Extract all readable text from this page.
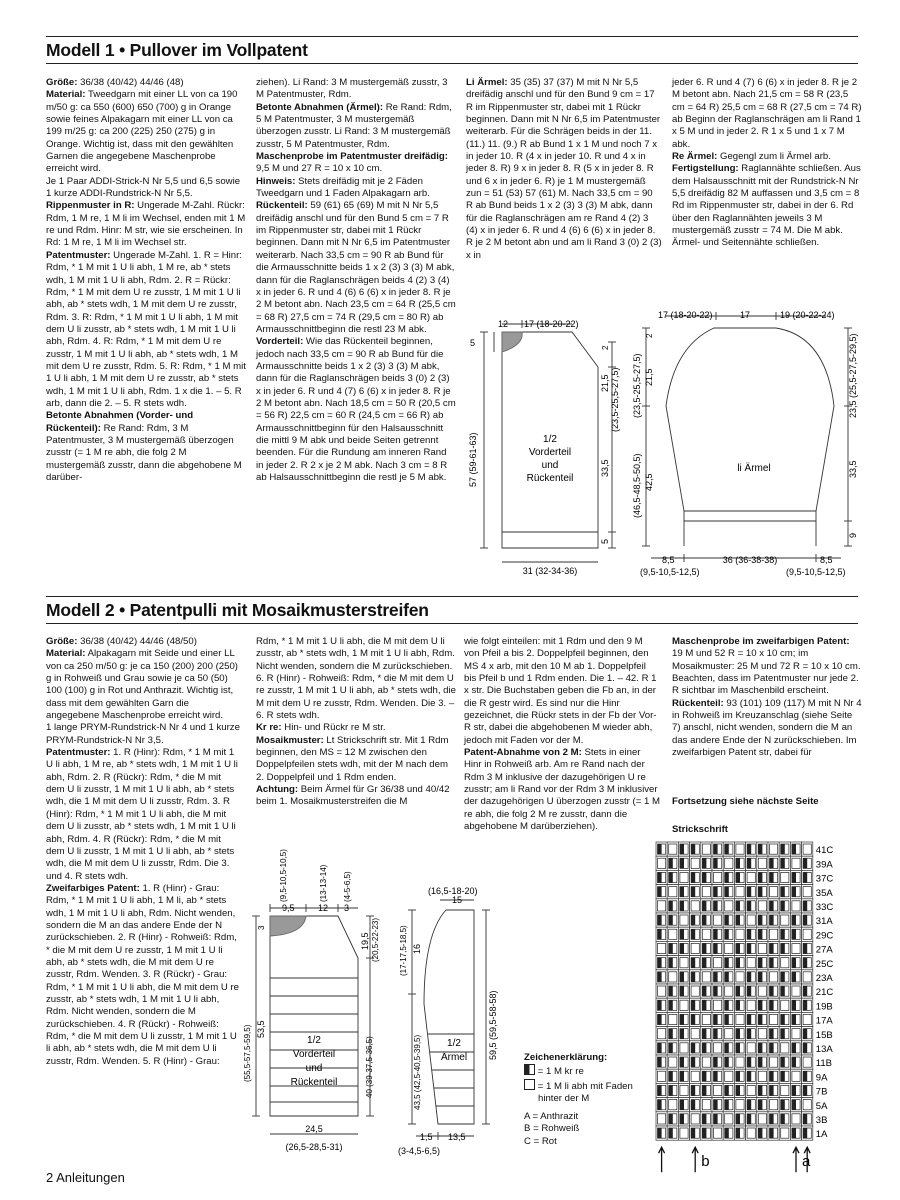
Modell 1 • Pullover im Vollpatent

Größe: 36/38 (40/42) 44/46 (48)

Material: Tweedgarn mit einer LL von ca 190 m/50 g: ca 550 (600) 650 (700) g in Orange sowie feines Alpakagarn mit einer LL von ca 199 m/25 g: ca 200 (225) 250 (275) g in Orange. Wichtig ist, dass mit den gewählten Garnen die angegebene Maschenprobe erreicht wird.

Je 1 Paar ADDI-Strick-N Nr 5,5 und 6,5 sowie 1 kurze ADDI-Rundstrick-N Nr 5,5.

Rippenmuster in R: Ungerade M-Zahl. Rückr: Rdm, 1 M re, 1 M li im Wechsel, enden mit 1 M re und Rdm. Hinr: M str, wie sie erscheinen. In Rd: 1 M re, 1 M li im Wechsel str.

Patentmuster: Ungerade M-Zahl. 1. R = Hinr: Rdm, * 1 M mit 1 U li abh, 1 M re, ab * stets wdh, 1 M mit 1 U li abh, Rdm. 2. R = Rückr: Rdm, * 1 M mit dem U re zusstr, 1 M mit 1 U li abh, ab * stets wdh, 1 M mit dem U re zusstr, Rdm. 3. R: Rdm, * 1 M mit 1 U li abh, 1 M mit dem U li zusstr, ab * stets wdh, 1 M mit 1 U li abh, Rdm. 4. R: Rdm, * 1 M mit dem U re zusstr, 1 M mit 1 U li abh, ab * stets wdh, 1 M mit dem U re zusstr, Rdm. 5. R: Rdm, * 1 M mit 1 U li abh, 1 M mit dem U re zusstr, ab * stets wdh, 1 M mit 1 U li abh, Rdm. 1 x die 1. – 5. R arb, dann die 2. – 5. R stets wdh.

Betonte Abnahmen (Vorder- und Rückenteil): Re Rand: Rdm, 3 M Patentmuster, 3 M mustergemäß überzogen zusstr (= 1 M re abh, die folg 2 M mustergemäß zusstr, dann die abgehobene M darüber-

ziehen). Li Rand: 3 M mustergemäß zusstr, 3 M Patentmuster, Rdm.

Betonte Abnahmen (Ärmel): Re Rand: Rdm, 5 M Patentmuster, 3 M mustergemäß überzogen zusstr. Li Rand: 3 M mustergemäß zusstr, 5 M Patentmuster, Rdm.

Maschenprobe im Patentmuster dreifädig: 9,5 M und 27 R = 10 x 10 cm.

Hinweis: Stets dreifädig mit je 2 Fäden Tweedgarn und 1 Faden Alpakagarn arb.

Rückenteil: 59 (61) 65 (69) M mit N Nr 5,5 dreifädig anschl und für den Bund 5 cm = 7 R im Rippenmuster str, dabei mit 1 Rückr beginnen. Dann mit N Nr 6,5 im Patentmuster weiterarb. Nach 33,5 cm = 90 R ab Bund für die Armausschnitte beids 1 x 2 (3) 3 (3) M abk, dann für die Raglanschrägen beids 4 (2) 3 (4) x in jeder 6. R und 4 (6) 6 (6) x in jeder 8. R je 2 M betont abn. Nach 23,5 cm = 64 R (25,5 cm = 68 R) 27,5 cm = 74 R (29,5 cm = 80 R) ab Armausschnittbeginn die restl 23 M abk.

Vorderteil: Wie das Rückenteil beginnen, jedoch nach 33,5 cm = 90 R ab Bund für die Armausschnitte beids 1 x 2 (3) 3 (3) M abk, dann für die Raglanschrägen beids 3 (0) 2 (3) x in jeder 6. R und 4 (7) 6 (6) x in jeder 8. R je 2 M betont abn. Nach 18,5 cm = 50 R (20,5 cm = 56 R) 22,5 cm = 60 R (24,5 cm = 66 R) ab Armausschnittbeginn für den Halsausschnitt die mittl 9 M abk und beide Seiten getrennt beenden. Für die Rundung am inneren Rand in jeder 2. R 2 x je 2 M abk. Nach 3 cm = 8 R ab Halsausschnittbeginn die restl je 5 M abk.

Li Ärmel: 35 (35) 37 (37) M mit N Nr 5,5 dreifädig anschl und für den Bund 9 cm = 17 R im Rippenmuster str, dabei mit 1 Rückr beginnen. Dann mit N Nr 6,5 im Patentmuster weiterarb. Für die Schrägen beids in der 11. (11.) 11. (9.) R ab Bund 1 x 1 M und noch 7 x in jeder 10. R (4 x in jeder 10. R und 4 x in jeder 8. R) 9 x in jeder 8. R (5 x in jeder 8. R und 6 x in jeder 6. R) je 1 M mustergemäß zun = 51 (53) 57 (61) M. Nach 33,5 cm = 90 R ab Bund beids 1 x 2 (3) 3 (3) M abk, dann für die Raglanschrägen am re Rand 4 (2) 3 (4) x in jeder 6. R und 4 (6) 6 (6) x in jeder 8. R je 2 M betont abn und am li Rand 3 (0) 2 (3) x in

jeder 6. R und 4 (7) 6 (6) x in jeder 8. R je 2 M betont abn. Nach 21,5 cm = 58 R (23,5 cm = 64 R) 25,5 cm = 68 R (27,5 cm = 74 R) ab Beginn der Raglanschrägen am li Rand 1 x 5 M und in jeder 2. R 1 x 5 und 1 x 7 M abk.

Re Ärmel: Gegengl zum li Ärmel arb.

Fertigstellung: Raglannähte schließen. Aus dem Halsausschnitt mit der Rundstrick-N Nr 5,5 dreifädig 82 M auffassen und 3,5 cm = 8 Rd im Rippenmuster str, dabei in der 6. Rd über den Raglannähten jeweils 3 M mustergemäß zusstr = 74 M. Die M abk. Ärmel- und Seitennähte schließen.

12 17 (18-20-22)
5
57 (59-61-63)
2
21,5 (23,5-25,5-27,5)
33,5
5
1/2
Vorderteil
und
Rückenteil
31 (32-34-36)
17 (18-20-22)	17	19 (20-22-24)
2
21,5
(23,5-25,5-27,5)
42,5
(46,5-48,5-50,5)
23,5 (25,5-27,5-29,5)
33,5
9
li Ärmel
8,5
(9,5-10,5-12,5)
36 (36-38-38)	8,5
(9,5-10,5-12,5)
Modell 2 • Patentpulli mit Mosaikmusterstreifen

Größe: 36/38 (40/42) 44/46 (48/50)

Material: Alpakagarn mit Seide und einer LL von ca 250 m/50 g: je ca 150 (200) 200 (250) g in Rohweiß und Grau sowie je ca 50 (50) 100 (100) g in Rot und Anthrazit. Wichtig ist, dass mit dem gewählten Garn die angegebene Maschenprobe erreicht wird.

1 lange PRYM-Rundstrick-N Nr 4 und 1 kurze PRYM-Rundstrick-N Nr 3,5.

Patentmuster: 1. R (Hinr): Rdm, * 1 M mit 1 U li abh, 1 M re, ab * stets wdh, 1 M mit 1 U li abh, Rdm. 2. R (Rückr): Rdm, * die M mit dem U li zusstr, 1 M mit 1 U li abh, ab * stets wdh, die 1 M mit dem U li zusstr, Rdm. 3. R (Hinr): Rdm, * 1 M mit 1 U li abh, die M mit dem U li zusstr, ab * stets wdh, 1 M mit 1 U li abh, Rdm. 4. R (Rückr): Rdm, * die M mit dem U li zusstr, 1 M mit 1 U li abh, ab * stets wdh, die M mit dem U li zusstr, Rdm. Die 3. und 4. R stets wdh.

Zweifarbiges Patent: 1. R (Hinr) - Grau: Rdm, * 1 M mit 1 U li abh, 1 M li, ab * stets wdh, 1 M mit 1 U li abh, Rdm. Nicht wenden, sondern die M an das andere Ende der N zurückschieben. 2. R (Hinr) - Rohweiß: Rdm, * die M mit dem U re zusstr, 1 M mit 1 U li abh, ab * stets wdh, die M mit dem U re zusstr, Rdm. Wenden. 3. R (Rückr) - Grau: Rdm, * 1 M mit 1 U li abh, die M mit dem U re zusstr, ab * stets wdh, 1 M mit 1 U li abh, Rdm. Nicht wenden, sondern die M zurückschieben. 4. R (Rückr) - Rohweiß: Rdm, * die M mit dem U li zusstr, 1 M mit 1 U li abh, ab * stets wdh, die M mit dem U li zusstr, Rdm. Wenden. 5. R (Hinr) - Grau:

Rdm, * 1 M mit 1 U li abh, die M mit dem U li zusstr, ab * stets wdh, 1 M mit 1 U li abh, Rdm. Nicht wenden, sondern die M zurückschieben. 6. R (Hinr) - Rohweiß: Rdm, * die M mit dem U re zusstr, 1 M mit 1 U li abh, ab * stets wdh, die M mit dem U re zusstr, Rdm. Wenden. Die 3. – 6. R stets wdh.

Kr re: Hin- und Rückr re M str.

Mosaikmuster: Lt Strickschrift str. Mit 1 Rdm beginnen, den MS = 12 M zwischen den Doppelpfeilen stets wdh, mit der M nach dem 2. Doppelpfeil und 1 Rdm enden.

Achtung: Beim Ärmel für Gr 36/38 und 40/42 beim 1. Mosaikmusterstreifen die M

wie folgt einteilen: mit 1 Rdm und den 9 M von Pfeil a bis 2. Doppelpfeil beginnen, den MS 4 x arb, mit den 10 M ab 1. Doppelpfeil bis Pfeil b und 1 Rdm enden. Die 1. – 42. R 1 x str. Die Buchstaben geben die Fb an, in der die R gestr wird. Es sind nur die Hinr gezeichnet, die Rückr stets in der Fb der Vor-R str, dabei die abgehobenen M wieder abh, jedoch mit Faden vor der M.

Patent-Abnahme von 2 M: Stets in einer Hinr in Rohweiß arb. Am re Rand nach der Rdm 3 M inklusive der dazugehörigen U re zusstr; am li Rand vor der Rdm 3 M inklusiver der dazugehörigen U überzogen zusstr (= 1 M re abh, die folg 2 M re zusstr, dann die abgehobene M darüberziehen).

Maschenprobe im zweifarbigen Patent: 19 M und 52 R = 10 x 10 cm; im Mosaikmuster: 25 M und 72 R = 10 x 10 cm. Beachten, dass im Patentmuster nur jede 2. R sichtbar im Maschenbild erscheint.

Rückenteil: 93 (101) 109 (117) M mit N Nr 4 in Rohweiß im Kreuzanschlag (siehe Seite 7) anschl, nicht wenden, sondern die M an das andere Ende der N zurückschieben. Im zweifarbigen Patent str, dabei für

Fortsetzung siehe nächste Seite
Strickschrift
(9,5-10,5-10,5)	(13-13-14) (4-5-6,5)
9,5	12 3
3
53,5
(55,5-57,5-59,5)
19,5 (20,5-22-23)
40 (39-37,5-36,5)
1/2
Vorderteil
und
Rückenteil
24,5
(26,5-28,5-31)
(16,5-18-20)
15
16
(17-17,5-18,5)
43,5 (42,5-40,5-39,5)
59,5 (59,5-58-58)
1/2
Ärmel
1,5 13,5
(3-4,5-6,5)
Zeichenerklärung:
= 1 M kr re
= 1 M li abh mit Faden
hinter der M
A = Anthrazit
B = Rohweiß
C = Rot
41C
39A
37C
35A
33C
31A
29C
27A
25C
23A
21C
19B
17A
15B
13A
11B
9A
7B
5A
3B
1A
b	a
2 Anleitungen
